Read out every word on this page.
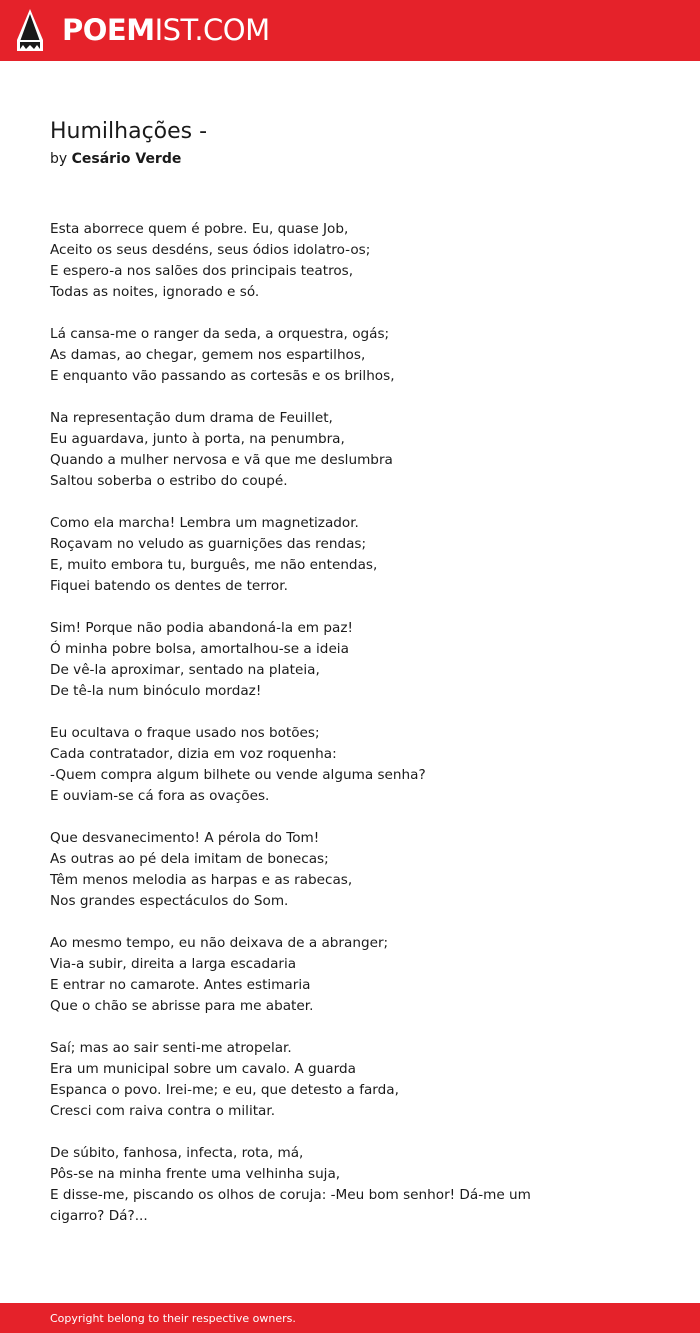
POEMIST.COM
Humilhações -
by Cesário Verde
Esta aborrece quem é pobre. Eu, quase Job,
Aceito os seus desdéns, seus ódios idolatro-os;
E espero-a nos salões dos principais teatros,
Todas as noites, ignorado e só.
Lá cansa-me o ranger da seda, a orquestra, ogás;
As damas, ao chegar, gemem nos espartilhos,
E enquanto vão passando as cortesãs e os brilhos,
Na representação dum drama de Feuillet,
Eu aguardava, junto à porta, na penumbra,
Quando a mulher nervosa e vã que me deslumbra
Saltou soberba o estribo do coupé.
Como ela marcha! Lembra um magnetizador.
Roçavam no veludo as guarnições das rendas;
E, muito embora tu, burguês, me não entendas,
Fiquei batendo os dentes de terror.
Sim! Porque não podia abandoná-la em paz!
Ó minha pobre bolsa, amortalhou-se a ideia
De vê-la aproximar, sentado na plateia,
De tê-la num binóculo mordaz!
Eu ocultava o fraque usado nos botões;
Cada contratador, dizia em voz roquenha:
-Quem compra algum bilhete ou vende alguma senha?
E ouviam-se cá fora as ovações.
Que desvanecimento! A pérola do Tom!
As outras ao pé dela imitam de bonecas;
Têm menos melodia as harpas e as rabecas,
Nos grandes espectáculos do Som.
Ao mesmo tempo, eu não deixava de a abranger;
Via-a subir, direita a larga escadaria
E entrar no camarote. Antes estimaria
Que o chão se abrisse para me abater.
Saí; mas ao sair senti-me atropelar.
Era um municipal sobre um cavalo. A guarda
Espanca o povo. Irei-me; e eu, que detesto a farda,
Cresci com raiva contra o militar.
De súbito, fanhosa, infecta, rota, má,
Pôs-se na minha frente uma velhinha suja,
E disse-me, piscando os olhos de coruja: -Meu bom senhor! Dá-me um
cigarro? Dá?...
Copyright belong to their respective owners.
